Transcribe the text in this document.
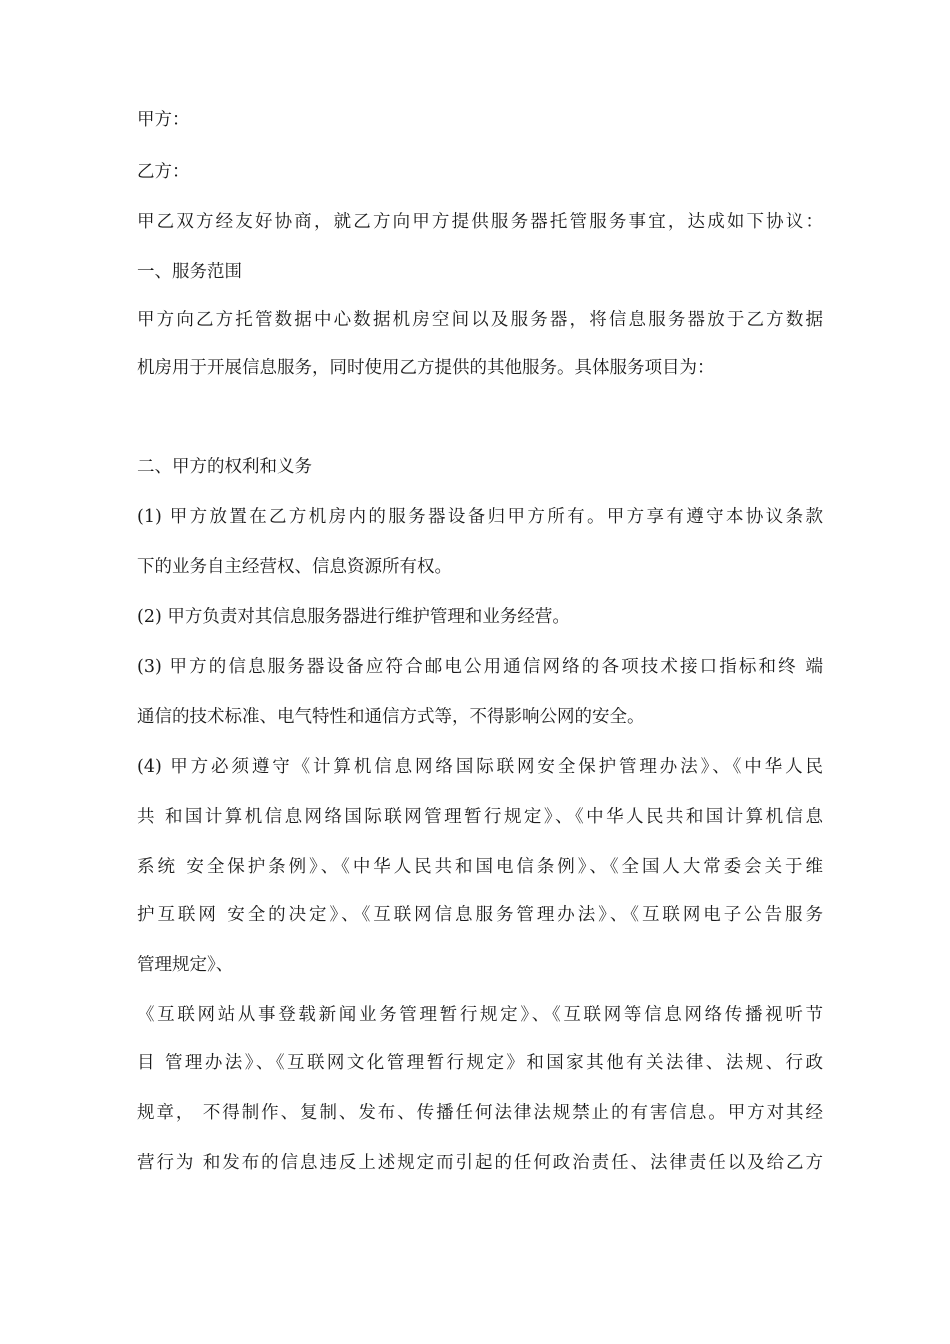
甲方：
乙方：
甲乙双方经友好协商，就乙方向甲方提供服务器托管服务事宜，达成如下协议：
一、服务范围
甲方向乙方托管数据中心数据机房空间以及服务器，将信息服务器放于乙方数据
机房用于开展信息服务，同时使用乙方提供的其他服务。具体服务项目为：
二、甲方的权利和义务
(1) 甲方放置在乙方机房内的服务器设备归甲方所有。甲方享有遵守本协议条款
下的业务自主经营权、信息资源所有权。
(2) 甲方负责对其信息服务器进行维护管理和业务经营。
(3) 甲方的信息服务器设备应符合邮电公用通信网络的各项技术接口指标和终 端
通信的技术标准、电气特性和通信方式等，不得影响公网的安全。
(4) 甲方必须遵守《计算机信息网络国际联网安全保护管理办法》、《中华人民
共 和国计算机信息网络国际联网管理暂行规定》、《中华人民共和国计算机信息
系统 安全保护条例》、《中华人民共和国电信条例》、《全国人大常委会关于维
护互联网 安全的决定》、《互联网信息服务管理办法》、《互联网电子公告服务
管理规定》、
《互联网站从事登载新闻业务管理暂行规定》、《互联网等信息网络传播视听节
目 管理办法》、《互联网文化管理暂行规定》和国家其他有关法律、法规、行政
规章， 不得制作、复制、发布、传播任何法律法规禁止的有害信息。甲方对其经
营行为 和发布的信息违反上述规定而引起的任何政治责任、法律责任以及给乙方
